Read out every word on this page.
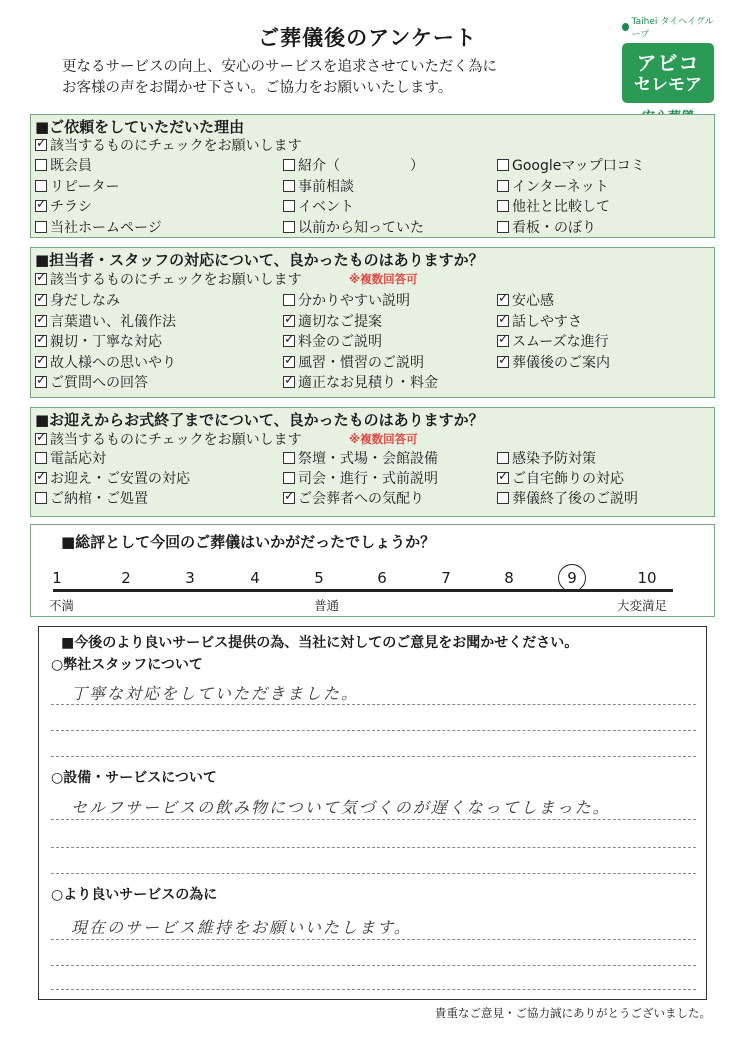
ご葬儀後のアンケート
更なるサービスの向上、安心のサービスを追求させていただく為に
お客様の声をお聞かせ下さい。ご協力をお願いいたします。
Taihei タイヘイグループ
アビコ
セレモア
■ご依頼をしていただいた理由
✓
該当するものにチェックをお願いします
既会員	紹介（　　　　　）	Googleマップ口コミ
リピーター	事前相談	インターネット
✓
チラシ	イベント	他社と比較して
当社ホームページ	以前から知っていた	看板・のぼり
■担当者・スタッフの対応について、良かったものはありますか？
✓
該当するものにチェックをお願いします	※複数回答可
✓
身だしなみ	分かりやすい説明 ✓	安心感
✓
言葉遣い、礼儀作法 ✓	適切なご提案 ✓	話しやすさ
✓
親切・丁寧な対応 ✓	料金のご説明 ✓	スムーズな進行
✓
故人様への思いやり ✓	風習・慣習のご説明 ✓	葬儀後のご案内
✓
ご質問への回答 ✓	適正なお見積り・料金
■お迎えからお式終了までについて、良かったものはありますか？
✓
該当するものにチェックをお願いします	※複数回答可
電話応対	祭壇・式場・会館設備	感染予防対策
✓
お迎え・ご安置の対応	司会・進行・式前説明 ✓	ご自宅飾りの対応
ご納棺・ご処置 ✓	ご会葬者への気配り	葬儀終了後のご説明
■総評として今回のご葬儀はいかがだったでしょうか？
1	2	3	4	5	6	7	8	9	10
不満	普通	大変満足
■今後のより良いサービス提供の為、当社に対してのご意見をお聞かせください。
○弊社スタッフについて
丁寧な対応をしていただきました。
○設備・サービスについて
セルフサービスの飲み物について気づくのが遅くなってしまった。
○より良いサービスの為に
現在のサービス維持をお願いいたします。
貴重なご意見・ご協力誠にありがとうございました。
